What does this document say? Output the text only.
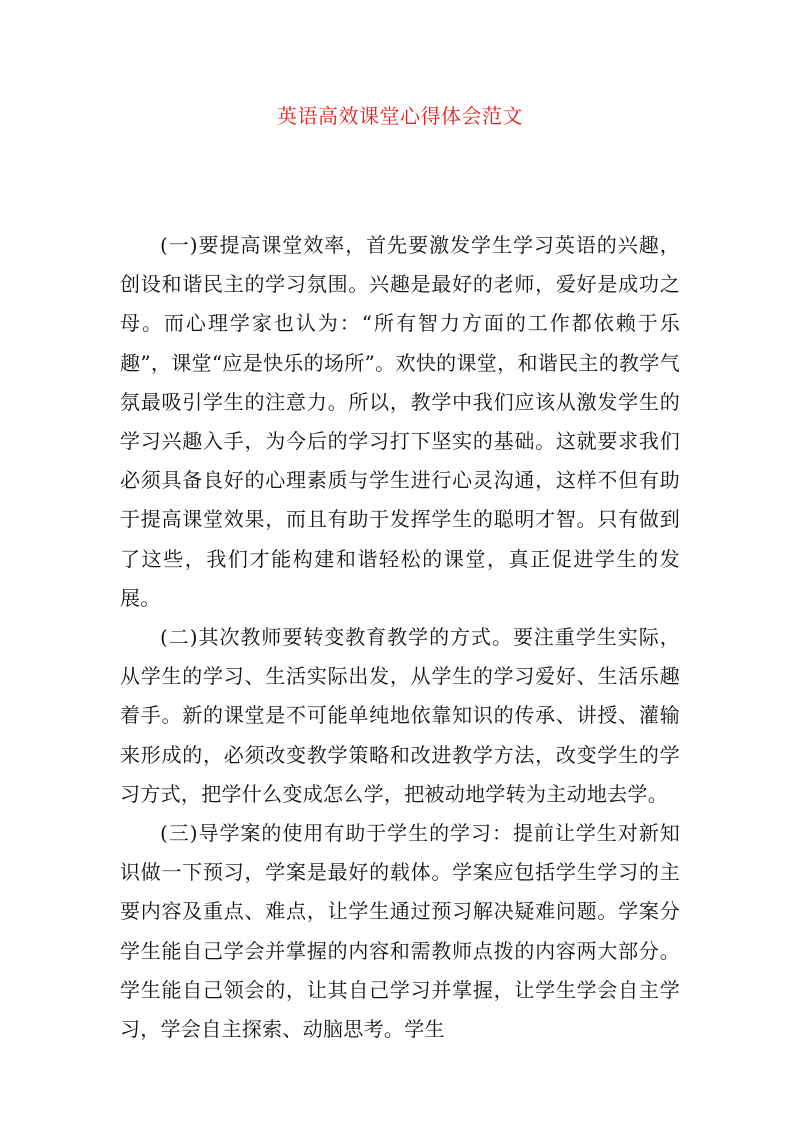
英语高效课堂心得体会范文

(一)要提高课堂效率，首先要激发学生学习英语的兴趣，创设和谐民主的学习氛围。兴趣是最好的老师，爱好是成功之母。而心理学家也认为：“所有智力方面的工作都依赖于乐趣”，课堂“应是快乐的场所”。欢快的课堂，和谐民主的教学气氛最吸引学生的注意力。所以，教学中我们应该从激发学生的学习兴趣入手，为今后的学习打下坚实的基础。这就要求我们必须具备良好的心理素质与学生进行心灵沟通，这样不但有助于提高课堂效果，而且有助于发挥学生的聪明才智。只有做到了这些，我们才能构建和谐轻松的课堂，真正促进学生的发展。

(二)其次教师要转变教育教学的方式。要注重学生实际，从学生的学习、生活实际出发，从学生的学习爱好、生活乐趣着手。新的课堂是不可能单纯地依靠知识的传承、讲授、灌输来形成的，必须改变教学策略和改进教学方法，改变学生的学习方式，把学什么变成怎么学，把被动地学转为主动地去学。

(三)导学案的使用有助于学生的学习：提前让学生对新知识做一下预习，学案是最好的载体。学案应包括学生学习的主要内容及重点、难点，让学生通过预习解决疑难问题。学案分学生能自己学会并掌握的内容和需教师点拨的内容两大部分。学生能自己领会的，让其自己学习并掌握，让学生学会自主学习，学会自主探索、动脑思考。学生
